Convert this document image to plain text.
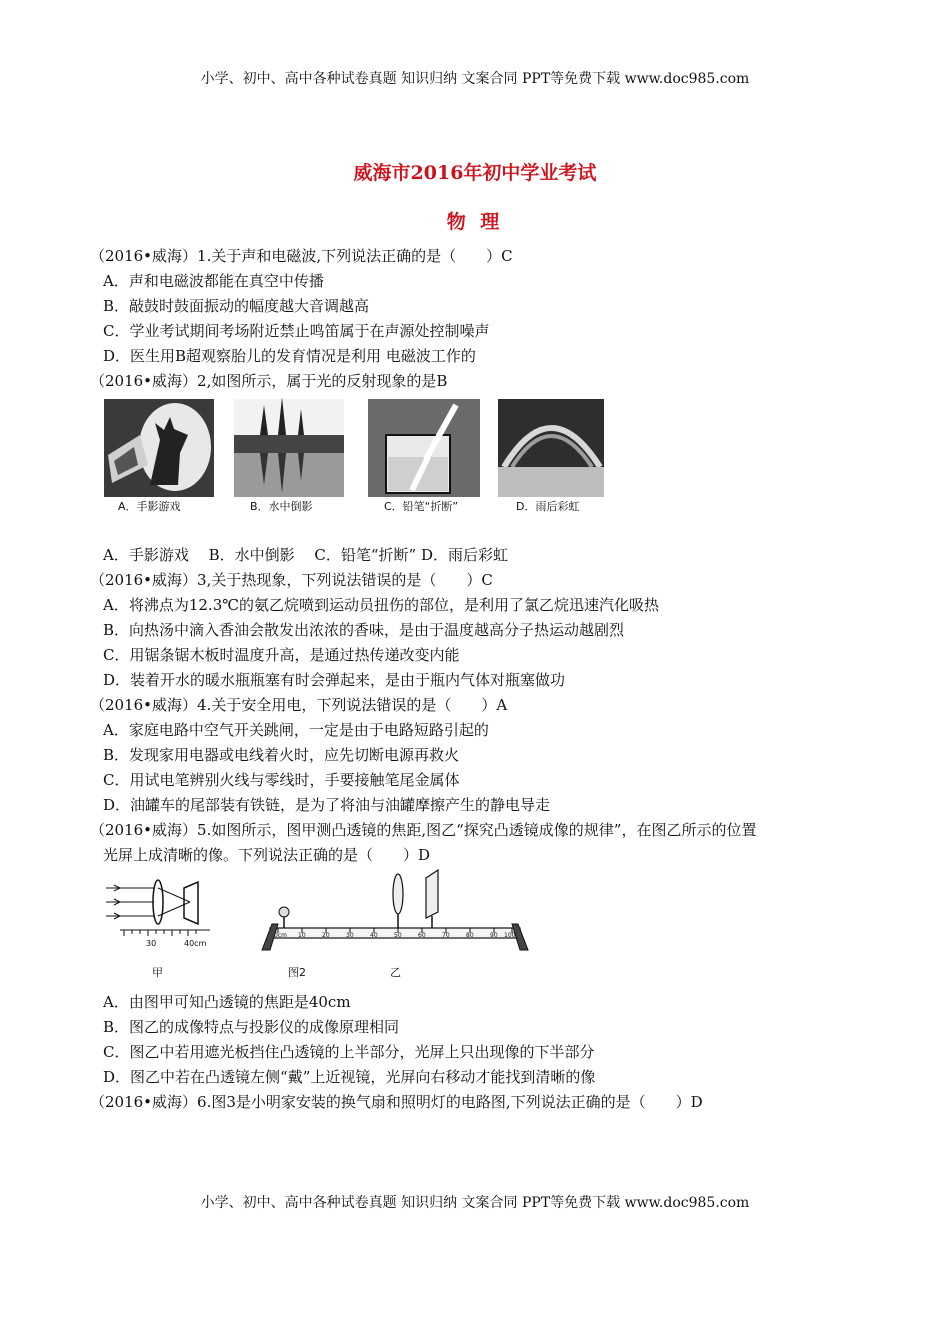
小学、初中、高中各种试卷真题 知识归纳 文案合同 PPT等免费下载 www.doc985.com
小学、初中、高中各种试卷真题 知识归纳 文案合同 PPT等免费下载 www.doc985.com
威海市2016年初中学业考试
物 理
（2016•威海）1.关于声和电磁波,下列说法正确的是（　　）C
A．声和电磁波都能在真空中传播
B．敲鼓时鼓面振动的幅度越大音调越高
C．学业考试期间考场附近禁止鸣笛属于在声源处控制噪声
D．医生用B超观察胎儿的发育情况是利用 电磁波工作的
（2016•威海）2,如图所示，属于光的反射现象的是B
A．手影游戏	B．水中倒影	C．铅笔“折断”	D．雨后彩虹
A．手影游戏　 B．水中倒影　 C．铅笔“折断” D．雨后彩虹
（2016•威海）3,关于热现象，下列说法错误的是（　　）C
A．将沸点为12.3℃的氨乙烷喷到运动员扭伤的部位，是利用了氯乙烷迅速汽化吸热
B．向热汤中滴入香油会散发出浓浓的香味，是由于温度越高分子热运动越剧烈
C．用锯条锯木板时温度升高，是通过热传递改变内能
D．装着开水的暖水瓶瓶塞有时会弹起来，是由于瓶内气体对瓶塞做功
（2016•威海）4.关于安全用电，下列说法错误的是（　　）A
A．家庭电路中空气开关跳闸，一定是由于电路短路引起的
B．发现家用电器或电线着火时，应先切断电源再救火
C．用试电笔辨别火线与零线时，手要接触笔尾金属体
D．油罐车的尾部装有铁链，是为了将油与油罐摩擦产生的静电导走
（2016•威海）5.如图所示，图甲测凸透镜的焦距,图乙“探究凸透镜成像的规律”，在图乙所示的位置
光屏上成清晰的像。下列说法正确的是（　　）D
30	40cm
甲
0cm 10	20	30	40	50	60	70	80	90 100
图2	乙
A．由图甲可知凸透镜的焦距是40cm
B．图乙的成像特点与投影仪的成像原理相同
C．图乙中若用遮光板挡住凸透镜的上半部分，光屏上只出现像的下半部分
D．图乙中若在凸透镜左侧“戴”上近视镜，光屏向右移动才能找到清晰的像
（2016•威海）6.图3是小明家安装的换气扇和照明灯的电路图,下列说法正确的是（　　）D
